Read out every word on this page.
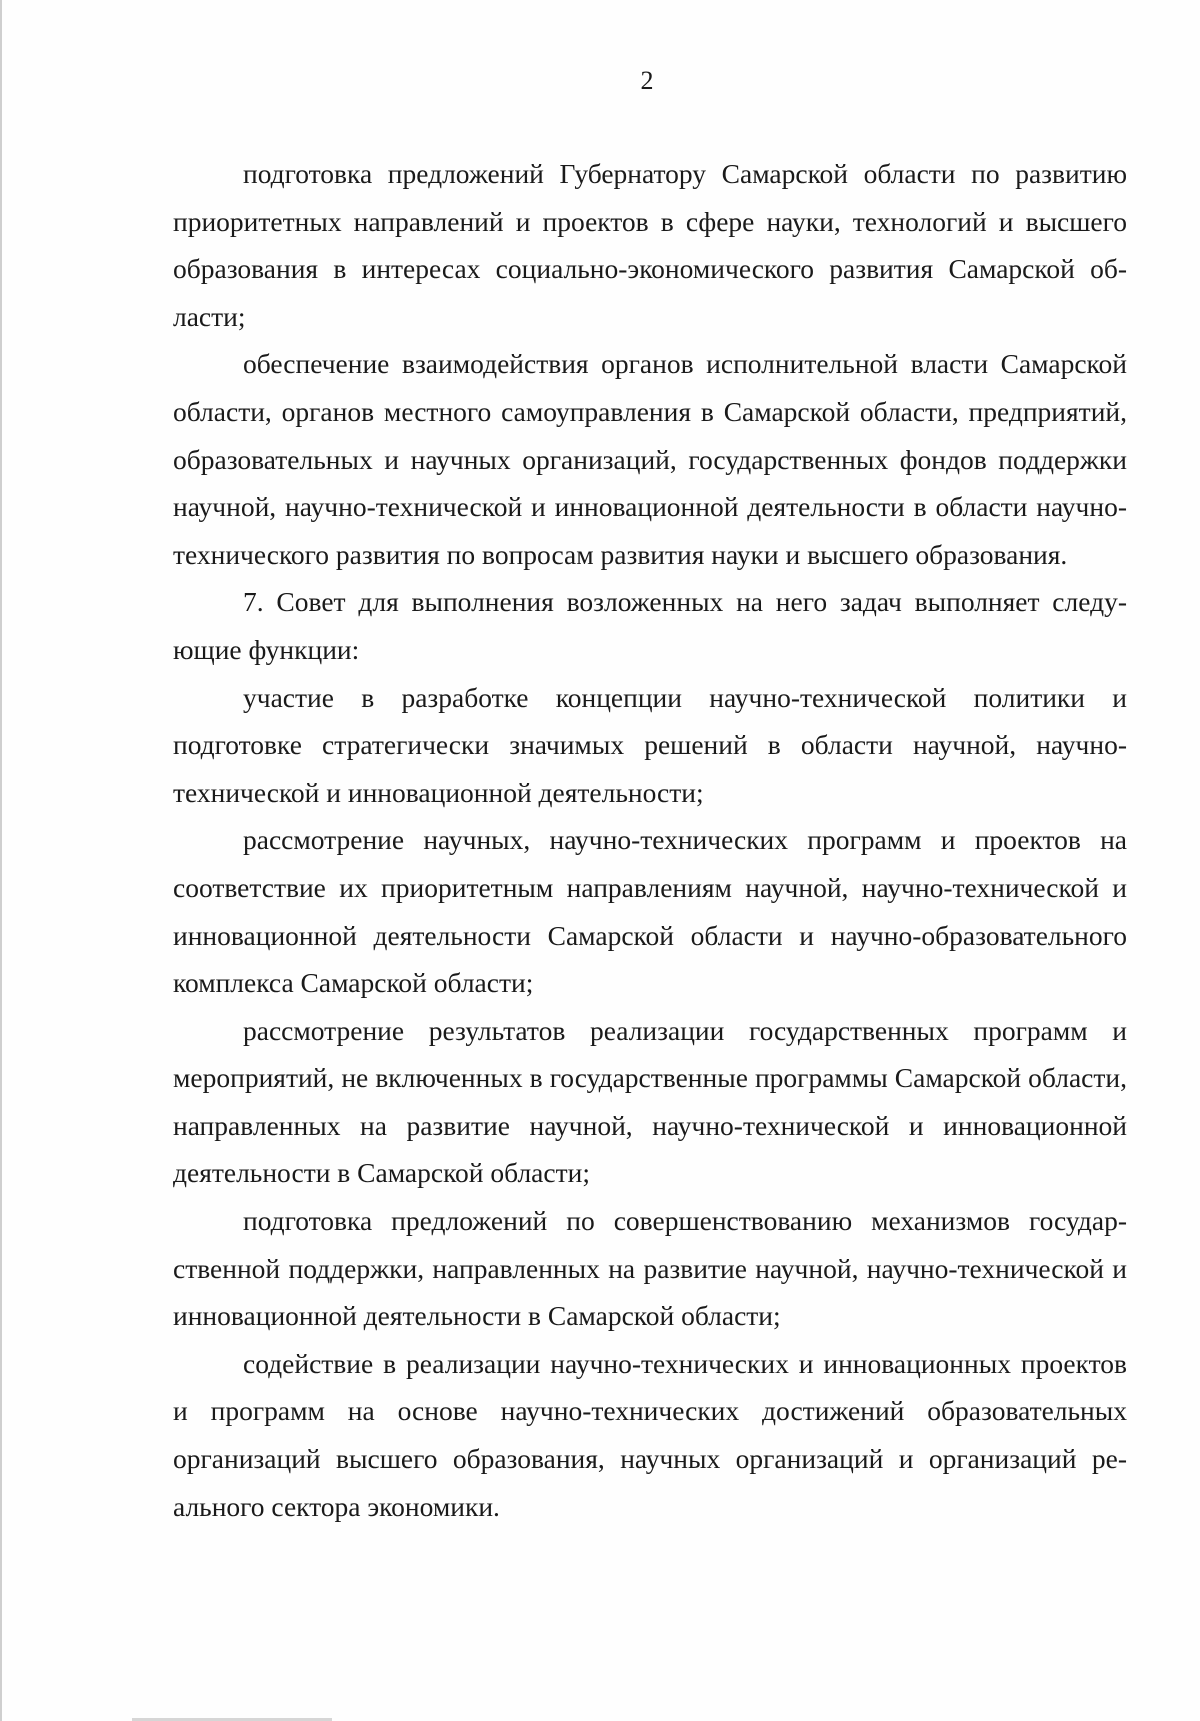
2

подготовка предложений Губернатору Самарской области по развитию приоритетных направлений и проектов в сфере науки, технологий и высшего образования в интересах социально-экономического развития Самарской области;

обеспечение взаимодействия органов исполнительной власти Самарской области, органов местного самоуправления в Самарской области, предприятий, образовательных и научных организаций, государственных фондов поддержки научной, научно-технической и инновационной деятельности в области научно-технического развития по вопросам развития науки и высшего образования.

7. Совет для выполнения возложенных на него задач выполняет следующие функции:

участие в разработке концепции научно-технической политики и подготовке стратегически значимых решений в области научной, научно-технической и инновационной деятельности;

рассмотрение научных, научно-технических программ и проектов на соответствие их приоритетным направлениям научной, научно-технической и инновационной деятельности Самарской области и научно-образовательного комплекса Самарской области;

рассмотрение результатов реализации государственных программ и мероприятий, не включенных в государственные программы Самарской области, направленных на развитие научной, научно-технической и инновационной деятельности в Самарской области;

подготовка предложений по совершенствованию механизмов государственной поддержки, направленных на развитие научной, научно-технической и инновационной деятельности в Самарской области;

содействие в реализации научно-технических и инновационных проектов и программ на основе научно-технических достижений образовательных организаций высшего образования, научных организаций и организаций реального сектора экономики.
